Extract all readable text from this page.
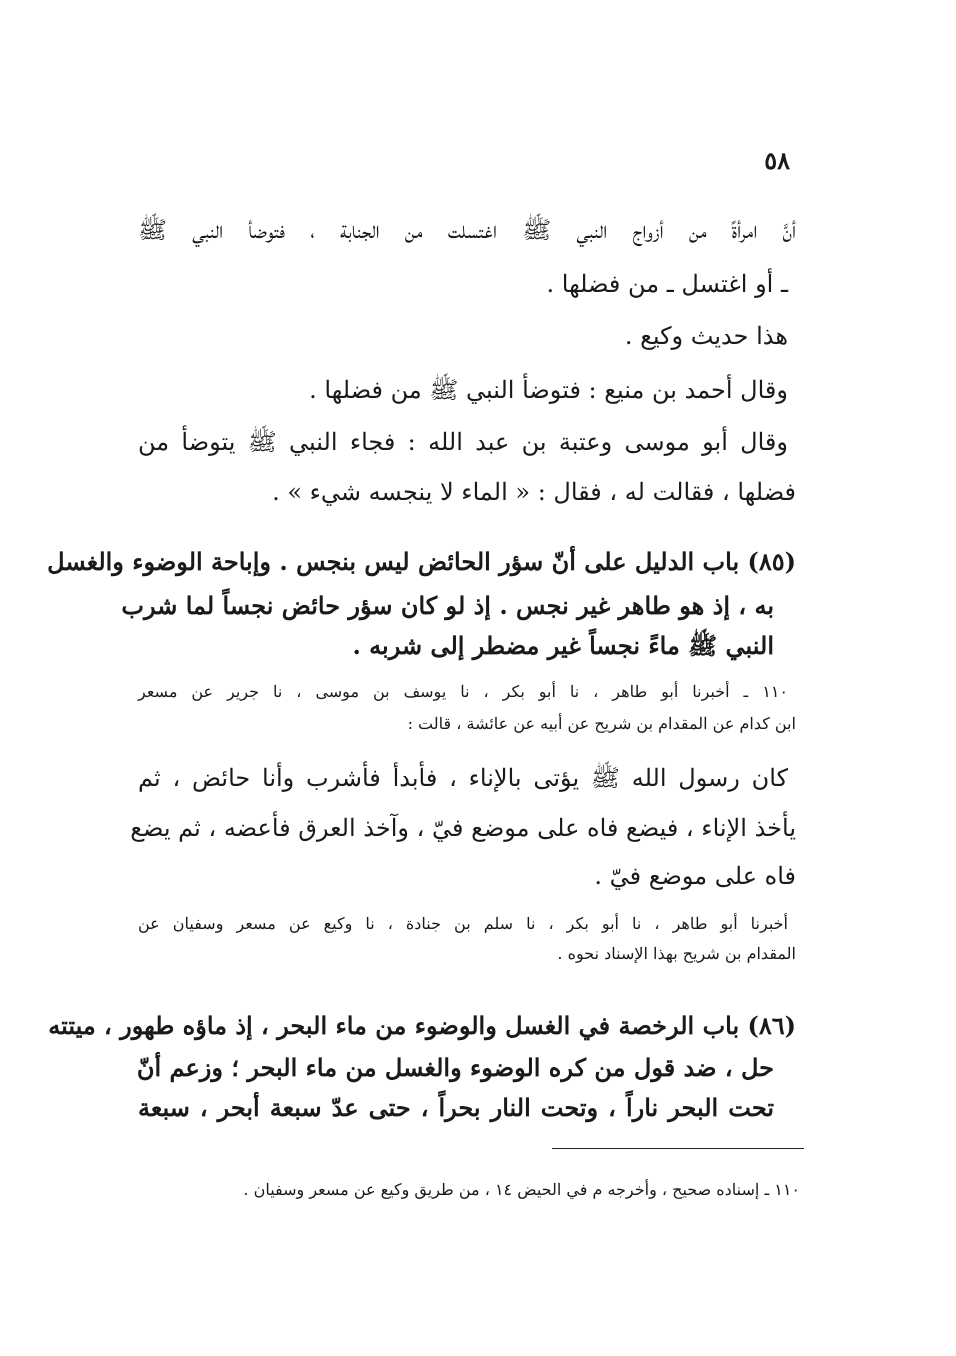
٥٨
أنَّ امرأةً من أزواج النبي ﷺ اغتسلت من الجنابة ، فتوضأ النبي ﷺ
ـ أو اغتسل ـ من فضلها .
هذا حديث وكيع .
وقال أحمد بن منيع : فتوضأ النبي ﷺ من فضلها .
وقال أبو موسى وعتبة بن عبد الله : فجاء النبي ﷺ يتوضأ من
فضلها ، فقالت له ، فقال : « الماء لا ينجسه شيء » .
(٨٥) باب الدليل على أنّ سؤر الحائض ليس بنجس . وإباحة الوضوء والغسل
به ، إذ هو طاهر غير نجس . إذ لو كان سؤر حائض نجساً لما شرب
النبي ﷺ ماءً نجساً غير مضطر إلى شربه .
١١٠ ـ أخبرنا أبو طاهر ، نا أبو بكر ، نا يوسف بن موسى ، نا جرير عن مسعر
ابن كدام عن المقدام بن شريح عن أبيه عن عائشة ، قالت :
كان رسول الله ﷺ يؤتى بالإناء ، فأبدأ فأشرب وأنا حائض ، ثم
يأخذ الإناء ، فيضع فاه على موضع فيّ ، وآخذ العرق فأعضه ، ثم يضع
فاه على موضع فيّ .
أخبرنا أبو طاهر ، نا أبو بكر ، نا سلم بن جنادة ، نا وكيع عن مسعر وسفيان عن
المقدام بن شريح بهذا الإسناد نحوه .
(٨٦) باب الرخصة في الغسل والوضوء من ماء البحر ، إذ ماؤه طهور ، ميتته
حل ، ضد قول من كره الوضوء والغسل من ماء البحر ؛ وزعم أنّ
تحت البحر ناراً ، وتحت النار بحراً ، حتى عدّ سبعة أبحر ، سبعة
١١٠ ـ إسناده صحيح ، وأخرجه م في الحيض ١٤ ، من طريق وكيع عن مسعر وسفيان .
